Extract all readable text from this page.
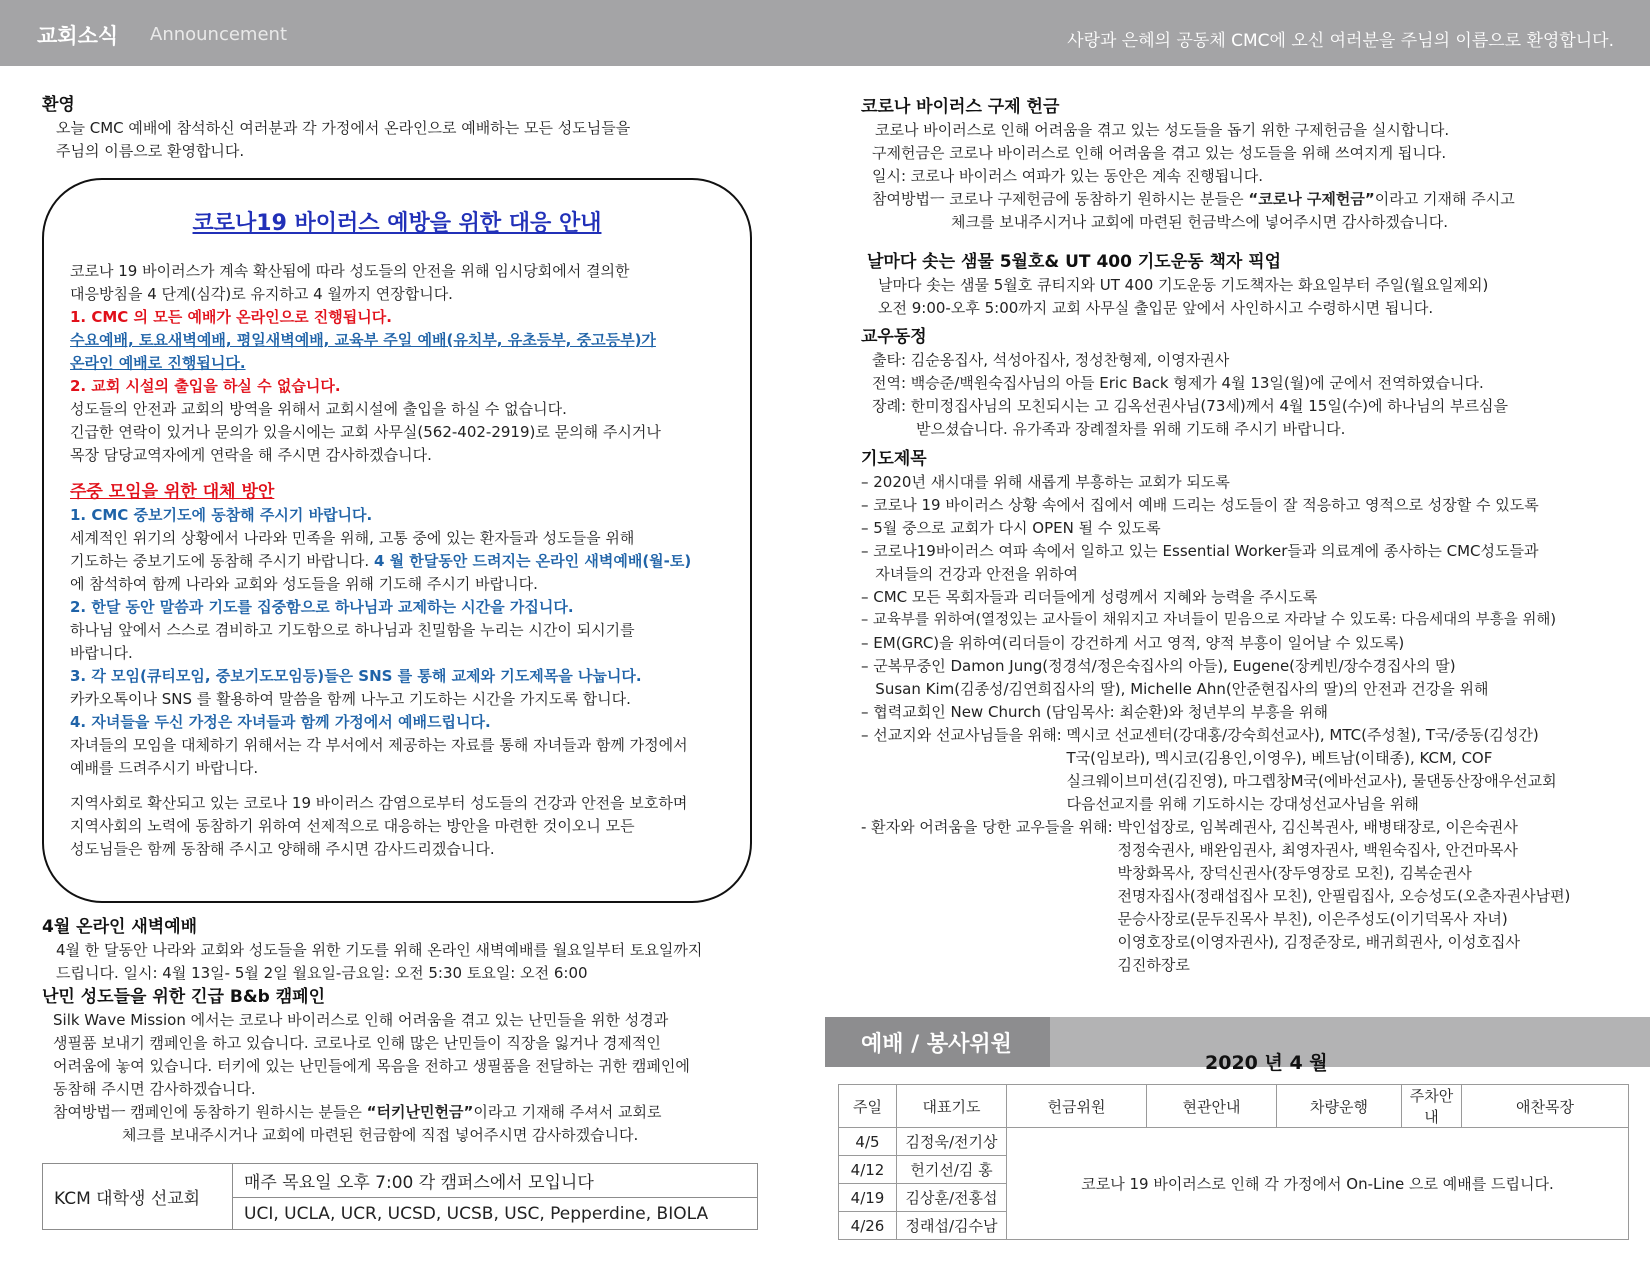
교회소식 Announcement	사랑과 은혜의 공동체 CMC에 오신 여러분을 주님의 이름으로 환영합니다.
환영
오늘 CMC 예배에 참석하신 여러분과 각 가정에서 온라인으로 예배하는 모든 성도님들을
주님의 이름으로 환영합니다.
코로나19 바이러스 예방을 위한 대응 안내
코로나 19 바이러스가 계속 확산됨에 따라 성도들의 안전을 위해 임시당회에서 결의한
대응방침을 4 단계(심각)로 유지하고 4 월까지 연장합니다.
1. CMC 의 모든 예배가 온라인으로 진행됩니다.
수요예배, 토요새벽예배, 평일새벽예배, 교육부 주일 예배(유치부, 유초등부, 중고등부)가
온라인 예배로 진행됩니다.
2. 교회 시설의 출입을 하실 수 없습니다.
성도들의 안전과 교회의 방역을 위해서 교회시설에 출입을 하실 수 없습니다.
긴급한 연락이 있거나 문의가 있을시에는 교회 사무실(562-402-2919)로 문의해 주시거나
목장 담당교역자에게 연락을 해 주시면 감사하겠습니다.
주중 모임을 위한 대체 방안
1. CMC 중보기도에 동참해 주시기 바랍니다.
세계적인 위기의 상황에서 나라와 민족을 위해, 고통 중에 있는 환자들과 성도들을 위해
기도하는 중보기도에 동참해 주시기 바랍니다. 4 월 한달동안 드려지는 온라인 새벽예배(월-토)
에 참석하여 함께 나라와 교회와 성도들을 위해 기도해 주시기 바랍니다.
2. 한달 동안 말씀과 기도를 집중함으로 하나님과 교제하는 시간을 가집니다.
하나님 앞에서 스스로 겸비하고 기도함으로 하나님과 친밀함을 누리는 시간이 되시기를
바랍니다.
3. 각 모임(큐티모임, 중보기도모임등)들은 SNS 를 통해 교제와 기도제목을 나눕니다.
카카오톡이나 SNS 를 활용하여 말씀을 함께 나누고 기도하는 시간을 가지도록 합니다.
4. 자녀들을 두신 가정은 자녀들과 함께 가정에서 예배드립니다.
자녀들의 모임을 대체하기 위해서는 각 부서에서 제공하는 자료를 통해 자녀들과 함께 가정에서
예배를 드려주시기 바랍니다.
지역사회로 확산되고 있는 코로나 19 바이러스 감염으로부터 성도들의 건강과 안전을 보호하며
지역사회의 노력에 동참하기 위하여 선제적으로 대응하는 방안을 마련한 것이오니 모든
성도님들은 함께 동참해 주시고 양해해 주시면 감사드리겠습니다.
4월 온라인 새벽예배
4월 한 달동안 나라와 교회와 성도들을 위한 기도를 위해 온라인 새벽예배를 월요일부터 토요일까지
드립니다. 일시: 4월 13일- 5월 2일 월요일-금요일: 오전 5:30 토요일: 오전 6:00
난민 성도들을 위한 긴급 B&b 캠페인
Silk Wave Mission 에서는 코로나 바이러스로 인해 어려움을 겪고 있는 난민들을 위한 성경과
생필품 보내기 캠페인을 하고 있습니다. 코로나로 인해 많은 난민들이 직장을 잃거나 경제적인
어려움에 놓여 있습니다. 터키에 있는 난민들에게 목음을 전하고 생필품을 전달하는 귀한 캠페인에
동참해 주시면 감사하겠습니다.
참여방법ㅡ 캠페인에 동참하기 원하시는 분들은 “터키난민헌금”이라고 기재해 주셔서 교회로
체크를 보내주시거나 교회에 마련된 헌금함에 직접 넣어주시면 감사하겠습니다.
KCM 대학생 선교회	매주 목요일 오후 7:00 각 캠퍼스에서 모입니다
UCI, UCLA, UCR, UCSD, UCSB, USC, Pepperdine, BIOLA
코로나 바이러스 구제 헌금
코로나 바이러스로 인해 어려움을 겪고 있는 성도들을 돕기 위한 구제헌금을 실시합니다.
구제헌금은 코로나 바이러스로 인해 어려움을 겪고 있는 성도들을 위해 쓰여지게 됩니다.
일시: 코로나 바이러스 여파가 있는 동안은 계속 진행됩니다.
참여방법ㅡ 코로나 구제헌금에 동참하기 원하시는 분들은 “코로나 구제헌금”이라고 기재해 주시고
체크를 보내주시거나 교회에 마련된 헌금박스에 넣어주시면 감사하겠습니다.
날마다 솟는 샘물 5월호& UT 400 기도운동 책자 픽업
날마다 솟는 샘물 5월호 큐티지와 UT 400 기도운동 기도책자는 화요일부터 주일(월요일제외)
오전 9:00-오후 5:00까지 교회 사무실 출입문 앞에서 사인하시고 수령하시면 됩니다.
교우동정
출타: 김순옹집사, 석성아집사, 정성찬형제, 이영자권사
전역: 백승준/백원숙집사님의 아들 Eric Back 형제가 4월 13일(월)에 군에서 전역하였습니다.
장례: 한미정집사님의 모친되시는 고 김옥선권사님(73세)께서 4월 15일(수)에 하나님의 부르심을
받으셨습니다. 유가족과 장례절차를 위해 기도해 주시기 바랍니다.
기도제목
– 2020년 새시대를 위해 새롭게 부흥하는 교회가 되도록
– 코로나 19 바이러스 상황 속에서 집에서 예배 드리는 성도들이 잘 적응하고 영적으로 성장할 수 있도록
– 5월 중으로 교회가 다시 OPEN 될 수 있도록
– 코로나19바이러스 여파 속에서 일하고 있는 Essential Worker들과 의료계에 종사하는 CMC성도들과
자녀들의 건강과 안전을 위하여
– CMC 모든 목회자들과 리더들에게 성령께서 지혜와 능력을 주시도록
– 교육부를 위하여(열정있는 교사들이 채워지고 자녀들이 믿음으로 자라날 수 있도록: 다음세대의 부흥을 위해)
– EM(GRC)을 위하여(리더들이 강건하게 서고 영적, 양적 부흥이 일어날 수 있도록)
– 군복무중인 Damon Jung(정경석/정은숙집사의 아들), Eugene(장케빈/장수경집사의 딸)
Susan Kim(김종성/김연희집사의 딸), Michelle Ahn(안준현집사의 딸)의 안전과 건강을 위해
– 협력교회인 New Church (담임목사: 최순환)와 청년부의 부흥을 위해
– 선교지와 선교사님들을 위해: 멕시코 선교센터(강대홍/강숙희선교사), MTC(주성철), T국/중동(김성간)
T국(임보라), 멕시코(김용인,이영우), 베트남(이태종), KCM, COF
실크웨이브미션(김진영), 마그렙창M국(에바선교사), 물댄동산장애우선교회
다음선교지를 위해 기도하시는 강대성선교사님을 위해
- 환자와 어려움을 당한 교우들을 위해: 박인섭장로, 임복례권사, 김신복권사, 배병태장로, 이은숙권사
정정숙권사, 배완임권사, 최영자권사, 백원숙집사, 안건마목사
박창화목사, 장덕신권사(장두영장로 모친), 김복순권사
전명자집사(정래섭집사 모친), 안필립집사, 오승성도(오춘자권사남편)
문승사장로(문두진목사 부친), 이은주성도(이기덕목사 자녀)
이영호장로(이영자권사), 김정준장로, 배귀희권사, 이성호집사
김진하장로
예배 / 봉사위원
2020 년 4 월
주일	대표기도	헌금위원	현관안내	차량운행	주차안내	애찬목장
4/5	김정욱/전기상	코로나 19 바이러스로 인해 각 가정에서 On-Line 으로 예배를 드립니다.				
4/12	헌기선/김 홍					
4/19	김상훈/전홍섭					
4/26	정래섭/김수남					
